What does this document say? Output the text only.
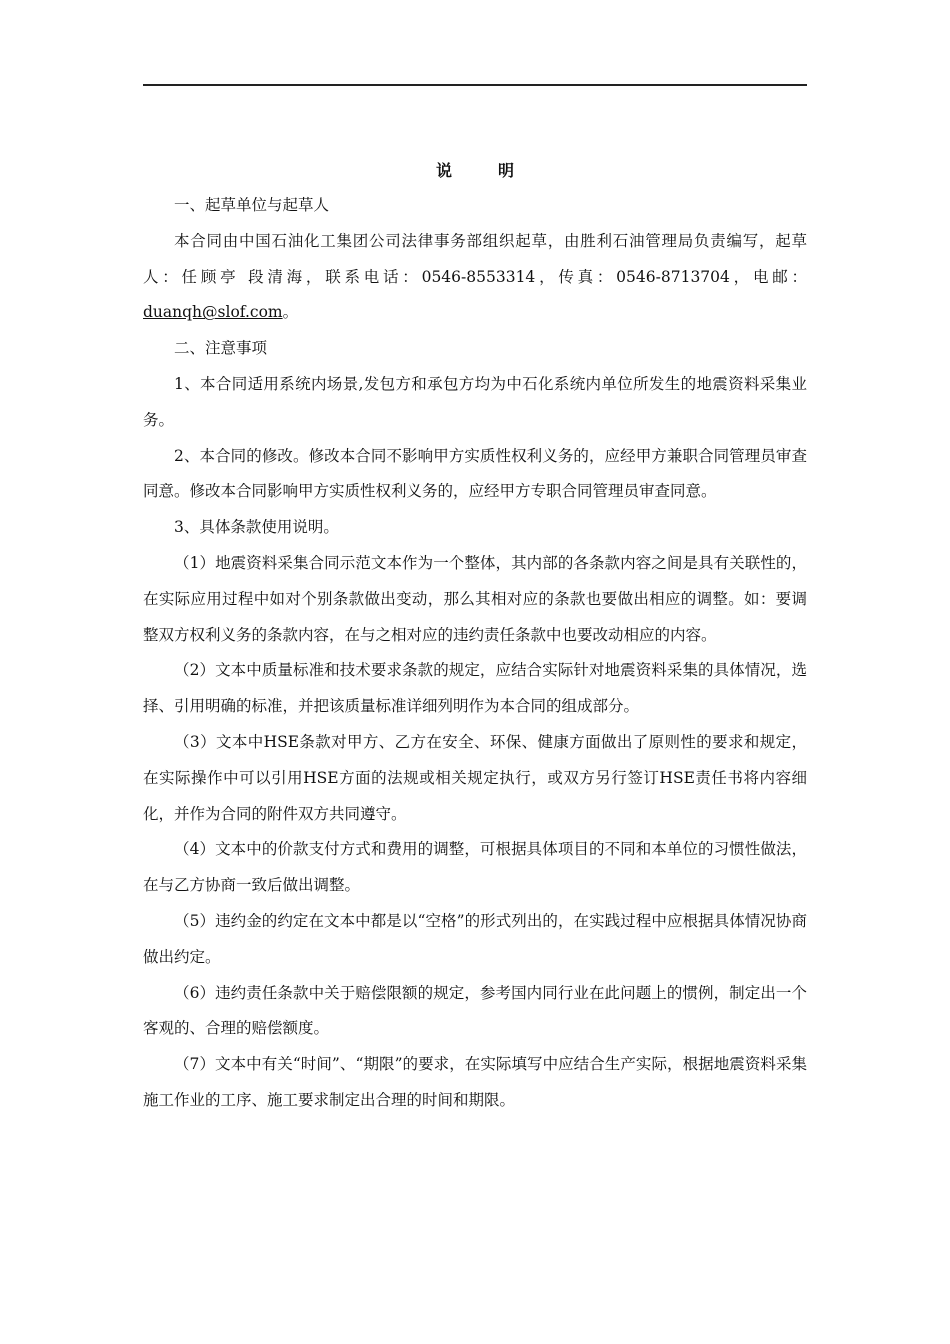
说	明

一、起草单位与起草人

本合同由中国石油化工集团公司法律事务部组织起草，由胜利石油管理局负责编写，起草人：任顾亭 段清海，联系电话：0546-8553314，传真：0546-8713704，电邮：duanqh@slof.com。

二、注意事项

1、本合同适用系统内场景,发包方和承包方均为中石化系统内单位所发生的地震资料采集业务。

2、本合同的修改。修改本合同不影响甲方实质性权利义务的，应经甲方兼职合同管理员审查同意。修改本合同影响甲方实质性权利义务的，应经甲方专职合同管理员审查同意。

3、具体条款使用说明。

（1）地震资料采集合同示范文本作为一个整体，其内部的各条款内容之间是具有关联性的，在实际应用过程中如对个别条款做出变动，那么其相对应的条款也要做出相应的调整。如：要调整双方权利义务的条款内容，在与之相对应的违约责任条款中也要改动相应的内容。

（2）文本中质量标准和技术要求条款的规定，应结合实际针对地震资料采集的具体情况，选择、引用明确的标准，并把该质量标准详细列明作为本合同的组成部分。

（3）文本中HSE条款对甲方、乙方在安全、环保、健康方面做出了原则性的要求和规定，在实际操作中可以引用HSE方面的法规或相关规定执行，或双方另行签订HSE责任书将内容细化，并作为合同的附件双方共同遵守。

（4）文本中的价款支付方式和费用的调整，可根据具体项目的不同和本单位的习惯性做法，在与乙方协商一致后做出调整。

（5）违约金的约定在文本中都是以“空格”的形式列出的，在实践过程中应根据具体情况协商做出约定。

（6）违约责任条款中关于赔偿限额的规定，参考国内同行业在此问题上的惯例，制定出一个客观的、合理的赔偿额度。

（7）文本中有关“时间”、“期限”的要求，在实际填写中应结合生产实际，根据地震资料采集施工作业的工序、施工要求制定出合理的时间和期限。
